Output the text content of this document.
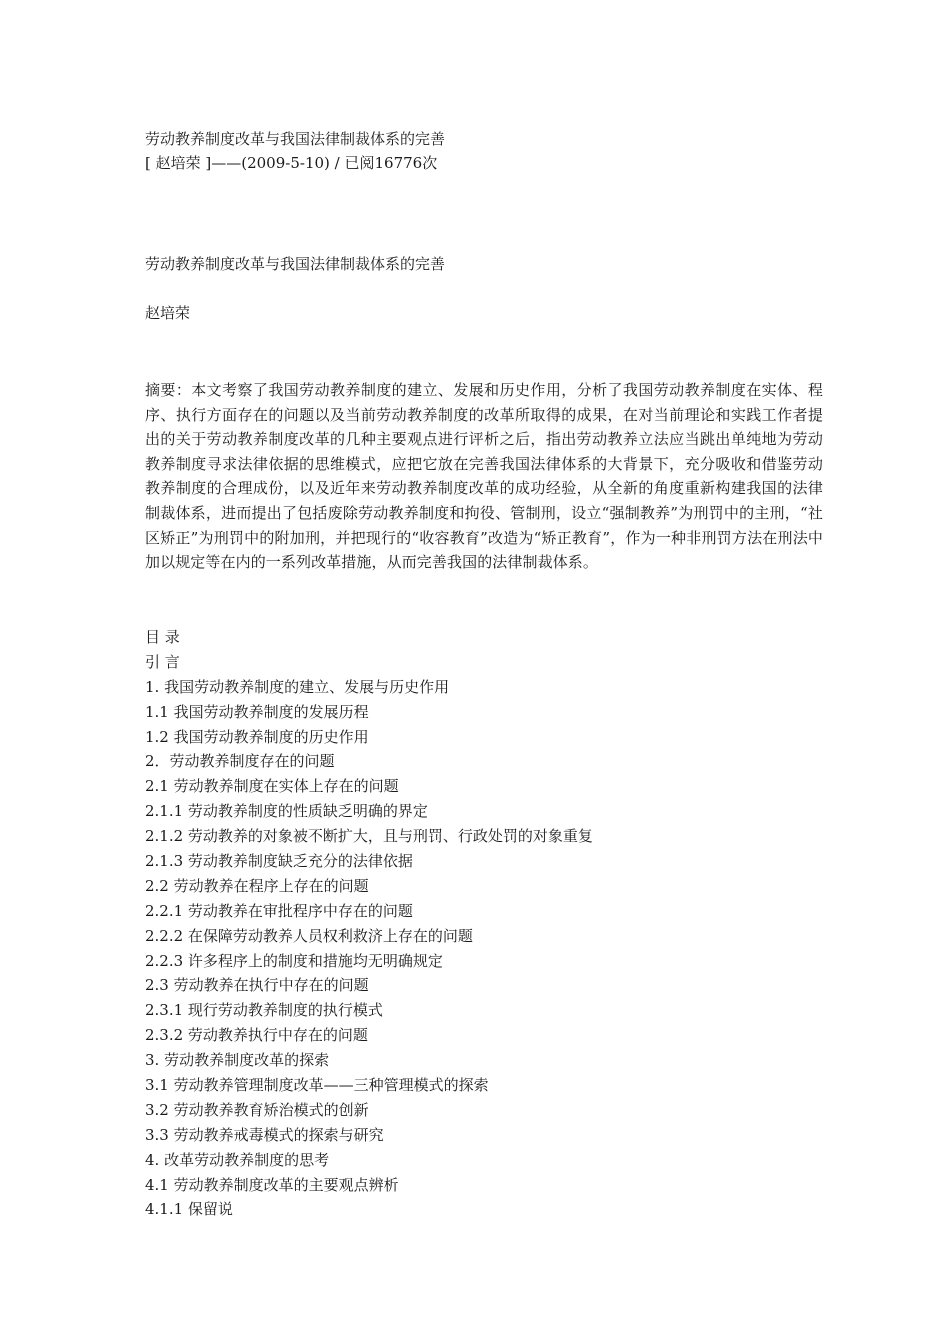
劳动教养制度改革与我国法律制裁体系的完善
[ 赵培荣 ]——(2009-5-10) / 已阅16776次
劳动教养制度改革与我国法律制裁体系的完善
赵培荣
摘要：本文考察了我国劳动教养制度的建立、发展和历史作用，分析了我国劳动教养制度在实体、程序、执行方面存在的问题以及当前劳动教养制度的改革所取得的成果，在对当前理论和实践工作者提出的关于劳动教养制度改革的几种主要观点进行评析之后，指出劳动教养立法应当跳出单纯地为劳动教养制度寻求法律依据的思维模式，应把它放在完善我国法律体系的大背景下，充分吸收和借鉴劳动教养制度的合理成份，以及近年来劳动教养制度改革的成功经验，从全新的角度重新构建我国的法律制裁体系，进而提出了包括废除劳动教养制度和拘役、管制刑，设立“强制教养”为刑罚中的主刑，“社区矫正”为刑罚中的附加刑，并把现行的“收容教育”改造为“矫正教育”，作为一种非刑罚方法在刑法中加以规定等在内的一系列改革措施，从而完善我国的法律制裁体系。
目 录
引 言
1. 我国劳动教养制度的建立、发展与历史作用
1.1 我国劳动教养制度的发展历程
1.2 我国劳动教养制度的历史作用
2．劳动教养制度存在的问题
2.1 劳动教养制度在实体上存在的问题
2.1.1 劳动教养制度的性质缺乏明确的界定
2.1.2 劳动教养的对象被不断扩大，且与刑罚、行政处罚的对象重复
2.1.3 劳动教养制度缺乏充分的法律依据
2.2 劳动教养在程序上存在的问题
2.2.1 劳动教养在审批程序中存在的问题
2.2.2 在保障劳动教养人员权利救济上存在的问题
2.2.3 许多程序上的制度和措施均无明确规定
2.3 劳动教养在执行中存在的问题
2.3.1 现行劳动教养制度的执行模式
2.3.2 劳动教养执行中存在的问题
3. 劳动教养制度改革的探索
3.1 劳动教养管理制度改革——三种管理模式的探索
3.2 劳动教养教育矫治模式的创新
3.3 劳动教养戒毒模式的探索与研究
4. 改革劳动教养制度的思考
4.1 劳动教养制度改革的主要观点辨析
4.1.1 保留说
